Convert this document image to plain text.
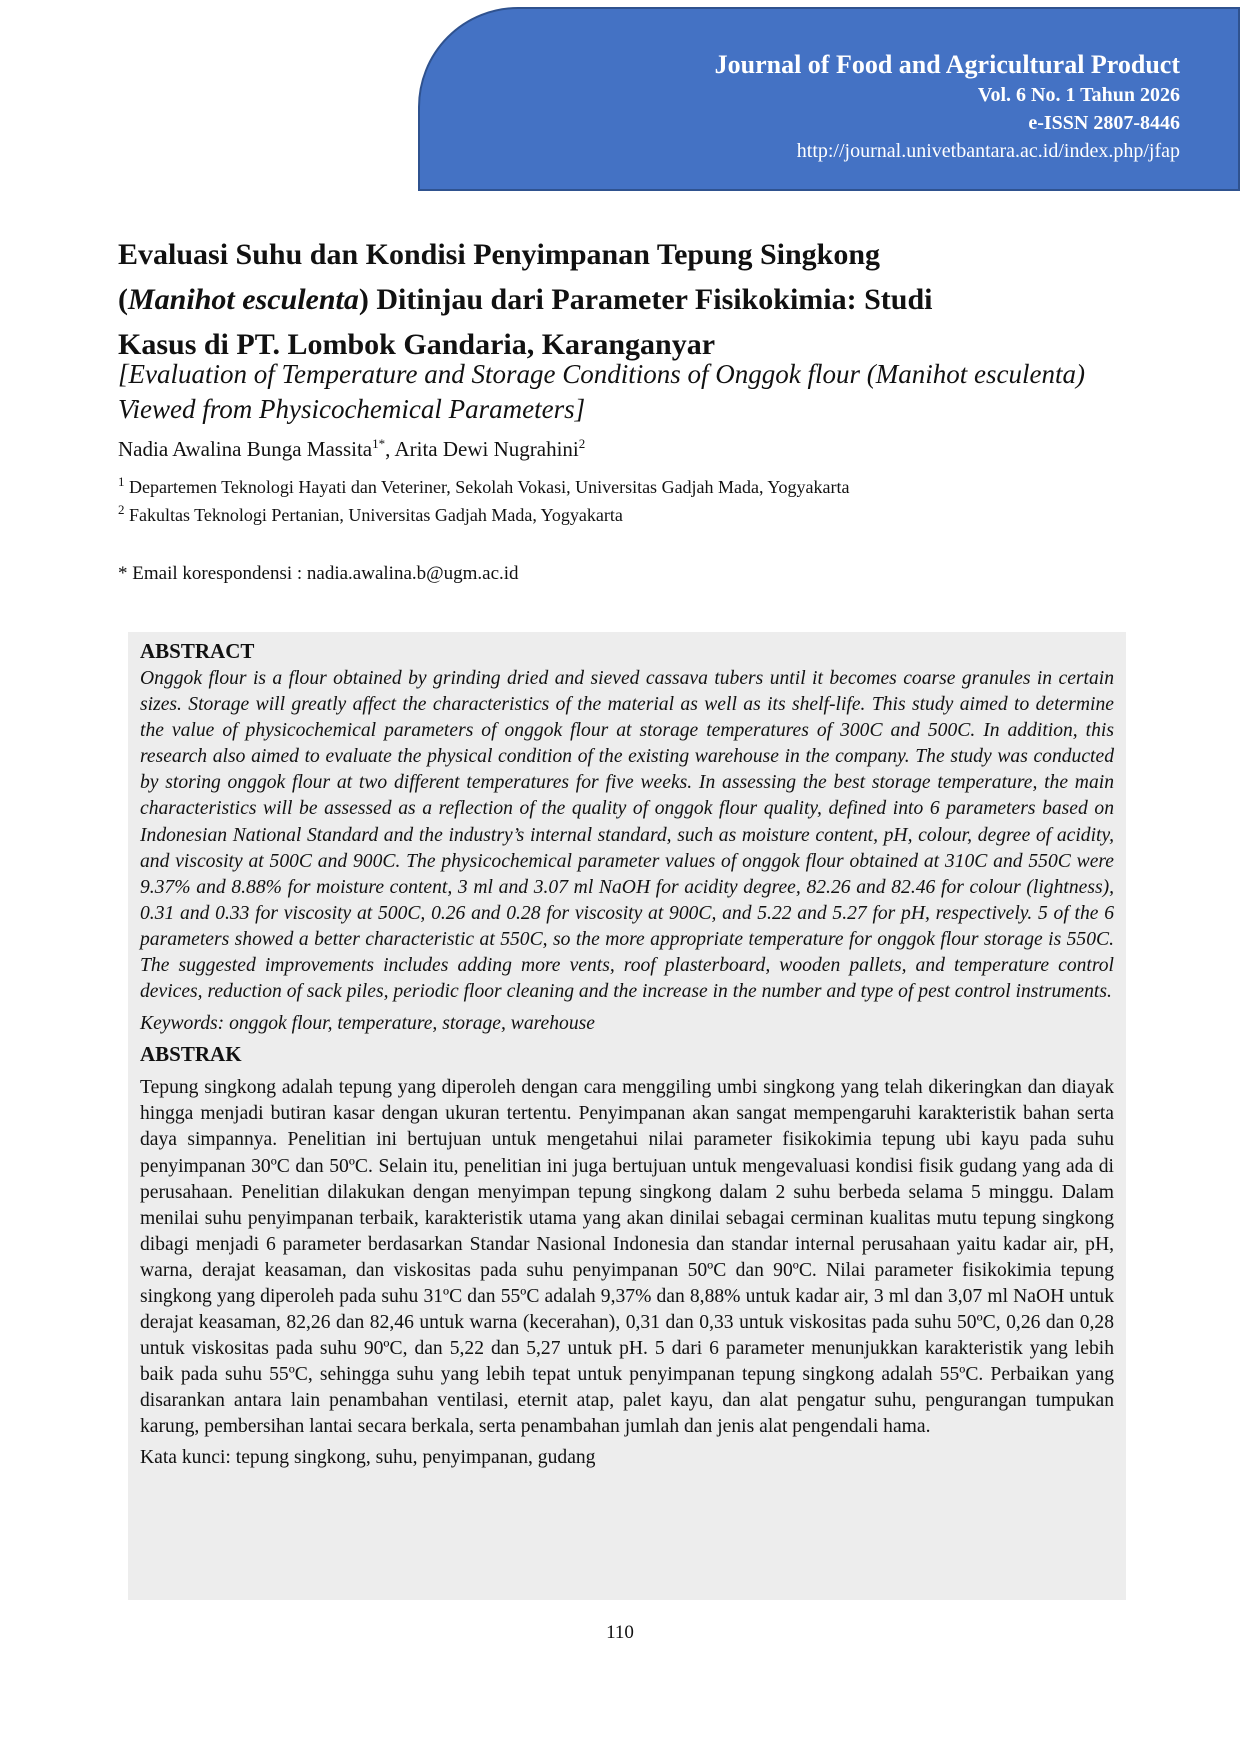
Journal of Food and Agricultural Product
Vol. 6 No. 1 Tahun 2026
e-ISSN 2807-8446
http://journal.univetbantara.ac.id/index.php/jfap
Evaluasi Suhu dan Kondisi Penyimpanan Tepung Singkong
(Manihot esculenta) Ditinjau dari Parameter Fisikokimia: Studi
Kasus di PT. Lombok Gandaria, Karanganyar
[Evaluation of Temperature and Storage Conditions of Onggok flour (Manihot esculenta) Viewed from Physicochemical Parameters]
Nadia Awalina Bunga Massita$^{1*}$, Arita Dewi Nugrahini$^2$
$^1$ Departemen Teknologi Hayati dan Veteriner, Sekolah Vokasi, Universitas Gadjah Mada, Yogyakarta
$^2$ Fakultas Teknologi Pertanian, Universitas Gadjah Mada, Yogyakarta
* Email korespondensi : nadia.awalina.b@ugm.ac.id
ABSTRACT

Onggok flour is a flour obtained by grinding dried and sieved cassava tubers until it becomes coarse granules in certain sizes. Storage will greatly affect the characteristics of the material as well as its shelf-life. This study aimed to determine the value of physicochemical parameters of onggok flour at storage temperatures of 300C and 500C. In addition, this research also aimed to evaluate the physical condition of the existing warehouse in the company. The study was conducted by storing onggok flour at two different temperatures for five weeks. In assessing the best storage temperature, the main characteristics will be assessed as a reflection of the quality of onggok flour quality, defined into 6 parameters based on Indonesian National Standard and the industry’s internal standard, such as moisture content, pH, colour, degree of acidity, and viscosity at 500C and 900C. The physicochemical parameter values of onggok flour obtained at 310C and 550C were 9.37% and 8.88% for moisture content, 3 ml and 3.07 ml NaOH for acidity degree, 82.26 and 82.46 for colour (lightness), 0.31 and 0.33 for viscosity at 500C, 0.26 and 0.28 for viscosity at 900C, and 5.22 and 5.27 for pH, respectively. 5 of the 6 parameters showed a better characteristic at 550C, so the more appropriate temperature for onggok flour storage is 550C. The suggested improvements includes adding more vents, roof plasterboard, wooden pallets, and temperature control devices, reduction of sack piles, periodic floor cleaning and the increase in the number and type of pest control instruments.

Keywords: onggok flour, temperature, storage, warehouse
ABSTRAK

Tepung singkong adalah tepung yang diperoleh dengan cara menggiling umbi singkong yang telah dikeringkan dan diayak hingga menjadi butiran kasar dengan ukuran tertentu. Penyimpanan akan sangat mempengaruhi karakteristik bahan serta daya simpannya. Penelitian ini bertujuan untuk mengetahui nilai parameter fisikokimia tepung ubi kayu pada suhu penyimpanan 30ºC dan 50ºC. Selain itu, penelitian ini juga bertujuan untuk mengevaluasi kondisi fisik gudang yang ada di perusahaan. Penelitian dilakukan dengan menyimpan tepung singkong dalam 2 suhu berbeda selama 5 minggu. Dalam menilai suhu penyimpanan terbaik, karakteristik utama yang akan dinilai sebagai cerminan kualitas mutu tepung singkong dibagi menjadi 6 parameter berdasarkan Standar Nasional Indonesia dan standar internal perusahaan yaitu kadar air, pH, warna, derajat keasaman, dan viskositas pada suhu penyimpanan 50ºC dan 90ºC. Nilai parameter fisikokimia tepung singkong yang diperoleh pada suhu 31ºC dan 55ºC adalah 9,37% dan 8,88% untuk kadar air, 3 ml dan 3,07 ml NaOH untuk derajat keasaman, 82,26 dan 82,46 untuk warna (kecerahan), 0,31 dan 0,33 untuk viskositas pada suhu 50ºC, 0,26 dan 0,28 untuk viskositas pada suhu 90ºC, dan 5,22 dan 5,27 untuk pH. 5 dari 6 parameter menunjukkan karakteristik yang lebih baik pada suhu 55ºC, sehingga suhu yang lebih tepat untuk penyimpanan tepung singkong adalah 55ºC. Perbaikan yang disarankan antara lain penambahan ventilasi, eternit atap, palet kayu, dan alat pengatur suhu, pengurangan tumpukan karung, pembersihan lantai secara berkala, serta penambahan jumlah dan jenis alat pengendali hama.

Kata kunci: tepung singkong, suhu, penyimpanan, gudang
110
